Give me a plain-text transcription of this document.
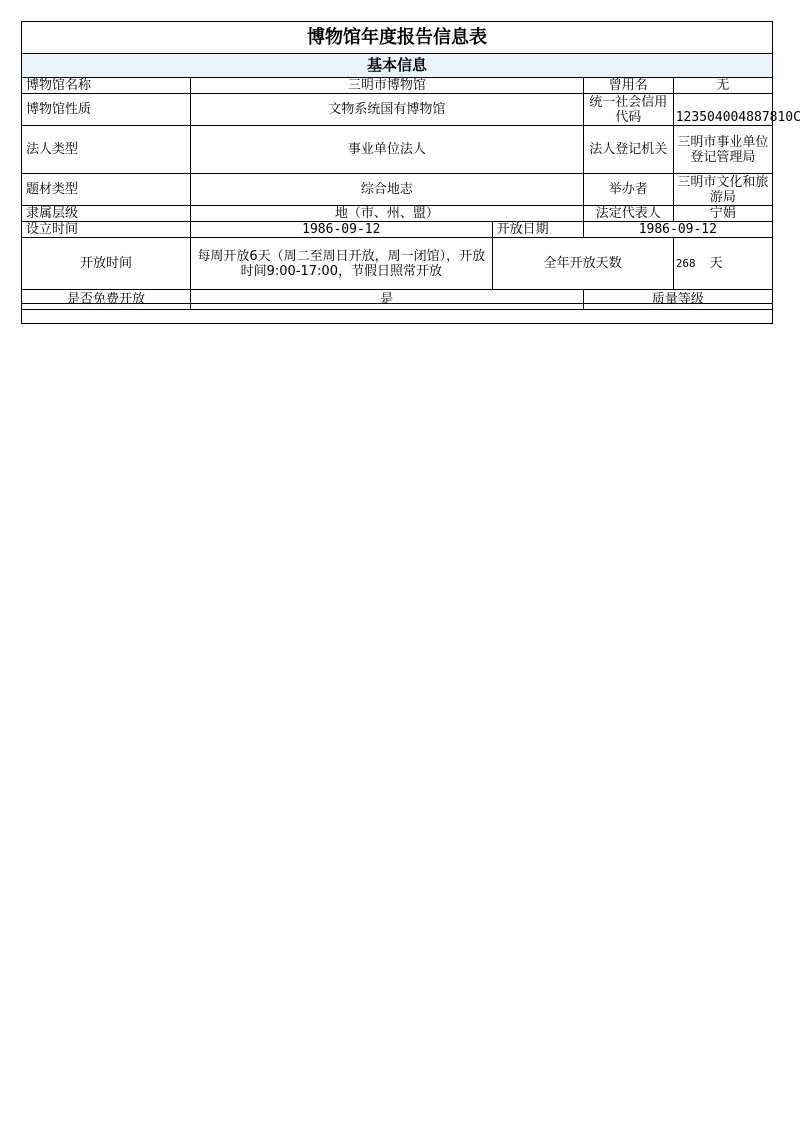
博物馆年度报告信息表				
基本信息				
博物馆名称	三明市博物馆		曾用名	无
博物馆性质	文物系统国有博物馆		统一社会信用代码	123504004887810C
法人类型	事业单位法人		法人登记机关	三明市事业单位登记管理局
题材类型	综合地志		举办者	三明市文化和旅游局
隶属层级	地（市、州、盟）		法定代表人	宁娟
设立时间	1986-09-12	开放日期	1986-09-12	
开放时间	每周开放6天（周二至周日开放，周一闭馆），开放时间9:00-17:00，节假日照常开放	全年开放天数		268 天
是否免费开放	是		质量等级	
